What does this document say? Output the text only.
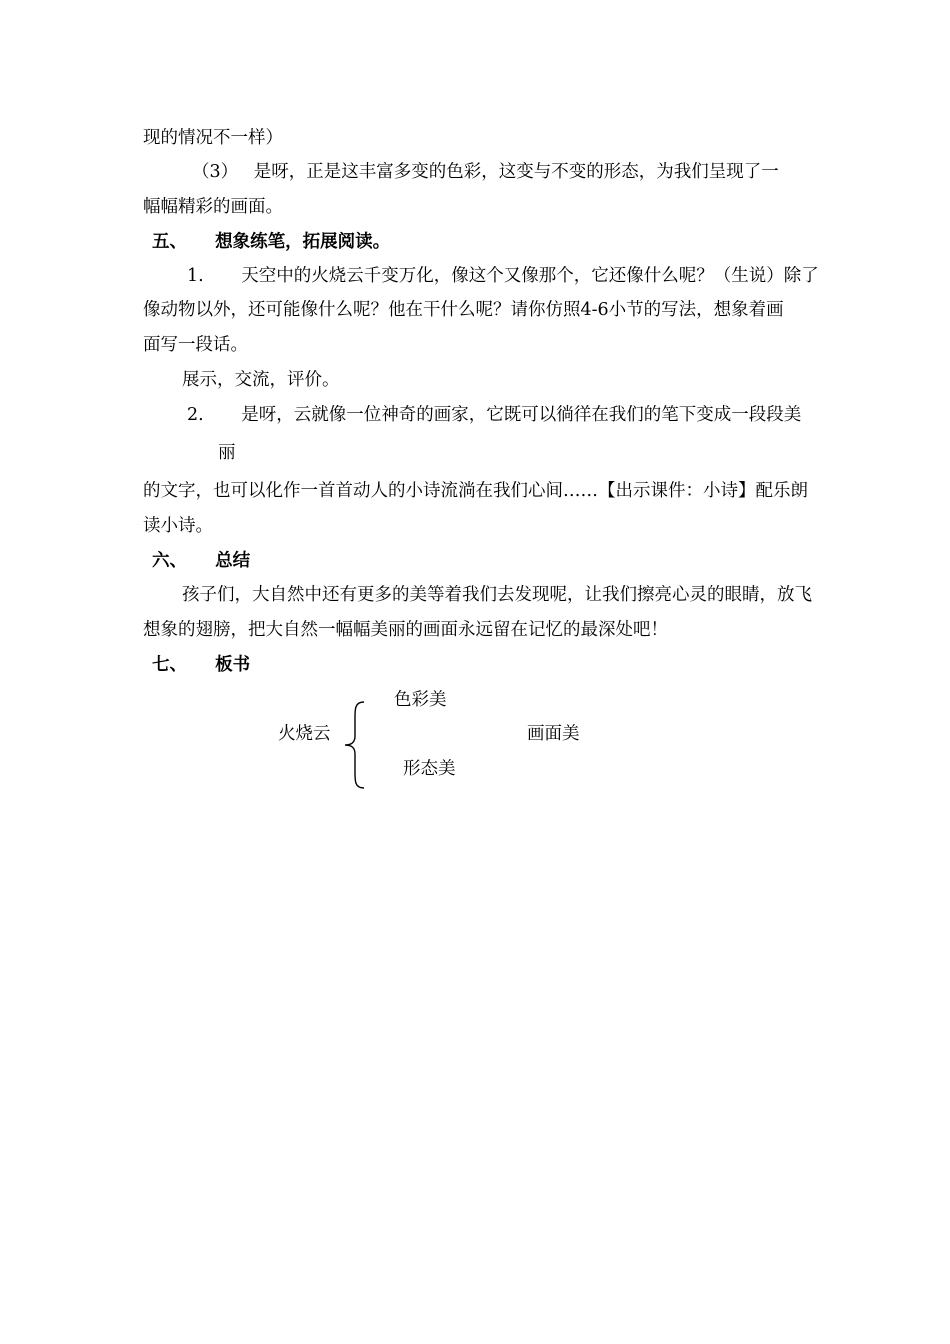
现的情况不一样）
（3） 是呀，正是这丰富多变的色彩，这变与不变的形态，为我们呈现了一
幅幅精彩的画面。
五、 想象练笔，拓展阅读。
1. 天空中的火烧云千变万化，像这个又像那个，它还像什么呢？（生说）除了
像动物以外，还可能像什么呢？他在干什么呢？请你仿照4-6小节的写法，想象着画
面写一段话。
展示，交流，评价。
2. 是呀，云就像一位神奇的画家，它既可以徜徉在我们的笔下变成一段段美
丽
的文字，也可以化作一首首动人的小诗流淌在我们心间……【出示课件：小诗】配乐朗
读小诗。
六、 总结
孩子们，大自然中还有更多的美等着我们去发现呢，让我们擦亮心灵的眼睛，放飞
想象的翅膀，把大自然一幅幅美丽的画面永远留在记忆的最深处吧！
七、 板书
色彩美
火烧云	画面美
形态美
